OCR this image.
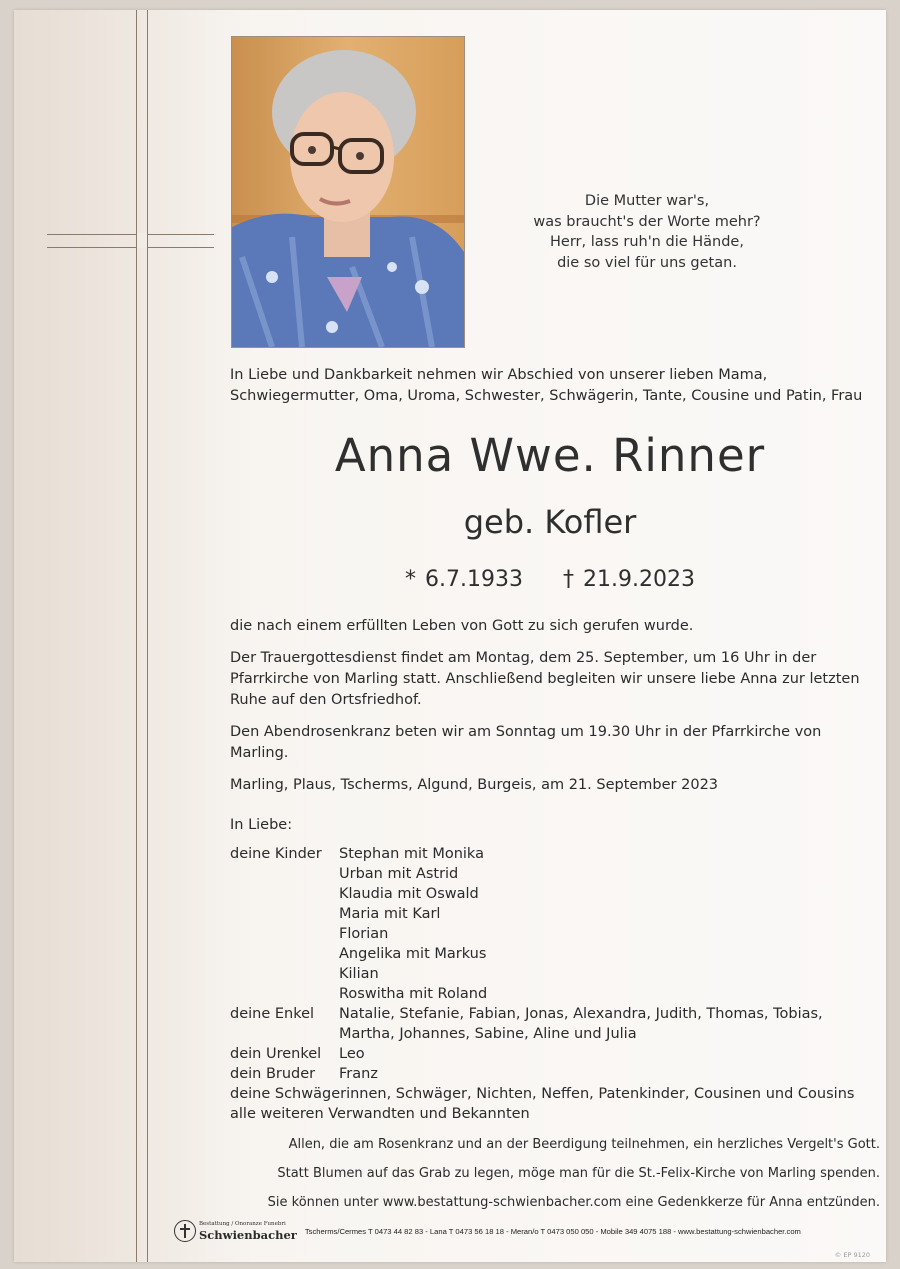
Die Mutter war's,
was braucht's der Worte mehr?
Herr, lass ruh'n die Hände,
die so viel für uns getan.
In Liebe und Dankbarkeit nehmen wir Abschied von unserer lieben Mama, Schwiegermutter, Oma, Uroma, Schwester, Schwägerin, Tante, Cousine und Patin, Frau
Anna Wwe. Rinner
geb. Kofler
* 6.7.1933 † 21.9.2023

die nach einem erfüllten Leben von Gott zu sich gerufen wurde.

Der Trauergottesdienst findet am Montag, dem 25. September, um 16 Uhr in der Pfarrkirche von Marling statt. Anschließend begleiten wir unsere liebe Anna zur letzten Ruhe auf den Ortsfriedhof.

Den Abendrosenkranz beten wir am Sonntag um 19.30 Uhr in der Pfarrkirche von Marling.

Marling, Plaus, Tscherms, Algund, Burgeis, am 21. September 2023

In Liebe:
deine Kinder	Stephan mit Monika
Urban mit Astrid
Klaudia mit Oswald
Maria mit Karl
Florian
Angelika mit Markus
Kilian
Roswitha mit Roland
deine Enkel	Natalie, Stefanie, Fabian, Jonas, Alexandra, Judith, Thomas, Tobias, Martha, Johannes, Sabine, Aline und Julia
dein Urenkel	Leo
dein Bruder	Franz
deine Schwägerinnen, Schwäger, Nichten, Neffen, Patenkinder, Cousinen und Cousins
alle weiteren Verwandten und Bekannten
Allen, die am Rosenkranz und an der Beerdigung teilnehmen, ein herzliches Vergelt's Gott.
Statt Blumen auf das Grab zu legen, möge man für die St.-Felix-Kirche von Marling spenden.
Sie können unter www.bestattung-schwienbacher.com eine Gedenkkerze für Anna entzünden.
Bestattung / Onoranze Funebri
Schwienbacher Tscherms/Cermes T 0473 44 82 83 - Lana T 0473 56 18 18 - Meran/o T 0473 050 050 - Mobile 349 4075 188 - www.bestattung-schwienbacher.com
© EP 9120
